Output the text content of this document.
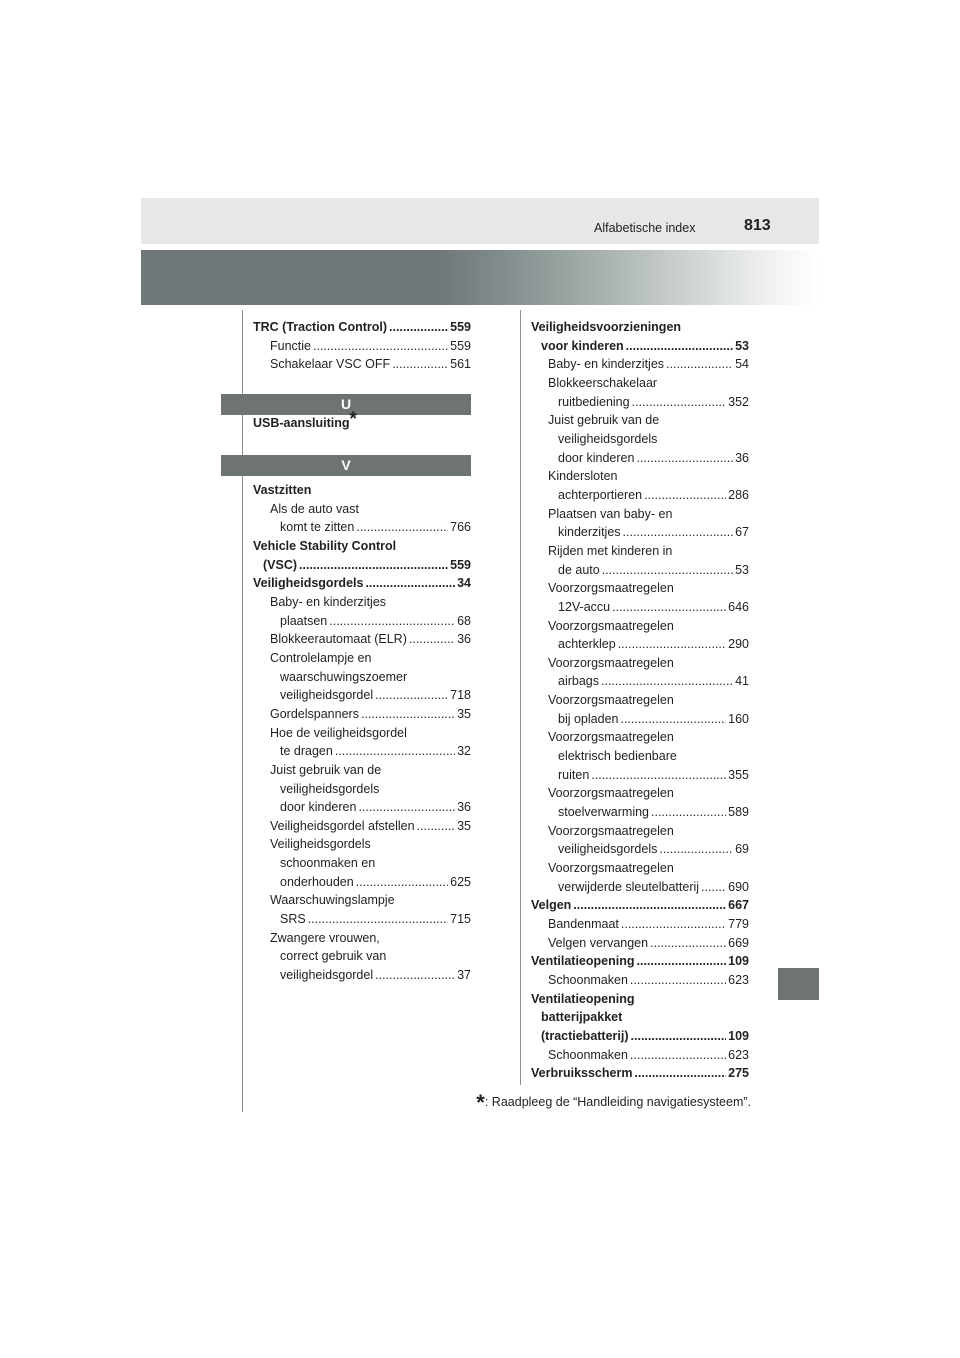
Alfabetische index	813
TRC (Traction Control) .....	559
Functie .....	559
Schakelaar VSC OFF .....	561
U
USB-aansluiting*
V
Vastzitten
Als de auto vast
komt te zitten .....	766
Vehicle Stability Control
(VSC) .....	559
Veiligheidsgordels .....	34
Baby- en kinderzitjes
plaatsen .....	68
Blokkeerautomaat (ELR) .....	36
Controlelampje en
waarschuwingszoemer
veiligheidsgordel .....	718
Gordelspanners .....	35
Hoe de veiligheidsgordel
te dragen .....	32
Juist gebruik van de
veiligheidsgordels
door kinderen .....	36
Veiligheidsgordel afstellen .....	35
Veiligheidsgordels
schoonmaken en
onderhouden .....	625
Waarschuwingslampje
SRS .....	715
Zwangere vrouwen,
correct gebruik van
veiligheidsgordel .....	37
Veiligheidsvoorzieningen
voor kinderen .....	53
Baby- en kinderzitjes .....	54
Blokkeerschakelaar
ruitbediening .....	352
Juist gebruik van de
veiligheidsgordels
door kinderen .....	36
Kindersloten
achterportieren .....	286
Plaatsen van baby- en
kinderzitjes .....	67
Rijden met kinderen in
de auto .....	53
Voorzorgsmaatregelen
12V-accu .....	646
Voorzorgsmaatregelen
achterklep .....	290
Voorzorgsmaatregelen
airbags .....	41
Voorzorgsmaatregelen
bij opladen .....	160
Voorzorgsmaatregelen
elektrisch bedienbare
ruiten .....	355
Voorzorgsmaatregelen
stoelverwarming .....	589
Voorzorgsmaatregelen
veiligheidsgordels .....	69
Voorzorgsmaatregelen
verwijderde sleutelbatterij ..... 690
Velgen .....	667
Bandenmaat .....	779
Velgen vervangen .....	669
Ventilatieopening .....	109
Schoonmaken .....	623
Ventilatieopening
batterijpakket
(tractiebatterij) .....	109
Schoonmaken .....	623
Verbruiksscherm .....	275
*: Raadpleeg de “Handleiding navigatiesysteem”.
